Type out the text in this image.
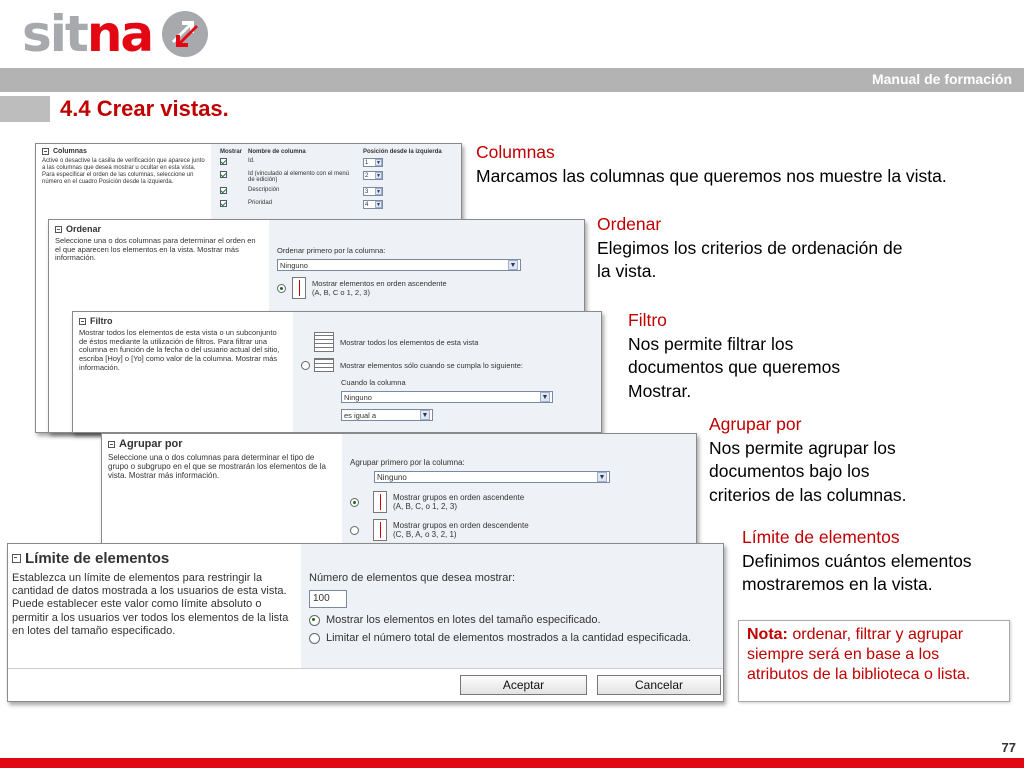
sitna
Manual de formación
4.4 Crear vistas.
Columnas
Active o desactive la casilla de verificación que aparece junto a las columnas que desea mostrar u ocultar en esta vista. Para especificar el orden de las columnas, seleccione un número en el cuadro Posición desde la izquierda.
Mostrar	Nombre de columna	Posición desde la izquierda
	Id.	1 ▼

	Id (vinculado al elemento con el menú de edición)	2 ▼

	Descripción	3 ▼

	Prioridad	4 ▼
Ordenar
Seleccione una o dos columnas para determinar el orden en el que aparecen los elementos en la vista. Mostrar más información.
Ordenar primero por la columna:
Ninguno	▼
Mostrar elementos en orden ascendente
(A, B, C o 1, 2, 3)
Filtro
Mostrar todos los elementos de esta vista o un subconjunto de éstos mediante la utilización de filtros. Para filtrar una columna en función de la fecha o del usuario actual del sitio, escriba [Hoy] o [Yo] como valor de la columna. Mostrar más información.
Mostrar todos los elementos de esta vista
Mostrar elementos sólo cuando se cumpla lo siguiente:
Cuando la columna
Ninguno	▼
es igual a	▼
Agrupar por
Seleccione una o dos columnas para determinar el tipo de grupo o subgrupo en el que se mostrarán los elementos de la vista. Mostrar más información.
Agrupar primero por la columna:
Ninguno	▼
Mostrar grupos en orden ascendente
(A, B, C, o 1, 2, 3)
Mostrar grupos en orden descendente
(C, B, A, o 3, 2, 1)
Límite de elementos
Establezca un límite de elementos para restringir la cantidad de datos mostrada a los usuarios de esta vista. Puede establecer este valor como límite absoluto o permitir a los usuarios ver todos los elementos de la lista en lotes del tamaño especificado.
Número de elementos que desea mostrar:
100
Mostrar los elementos en lotes del tamaño especificado.
Limitar el número total de elementos mostrados a la cantidad especificada.
Aceptar	Cancelar
Columnas
Marcamos las columnas que queremos nos muestre la vista.
Ordenar
Elegimos los criterios de ordenación de
la vista.
Filtro
Nos permite filtrar los
documentos que queremos
Mostrar.
Agrupar por
Nos permite agrupar los
documentos bajo los
criterios de las columnas.
Límite de elementos
Definimos cuántos elementos
mostraremos en la vista.
Nota: ordenar, filtrar y agrupar siempre será en base a los atributos de la biblioteca o lista.
77
